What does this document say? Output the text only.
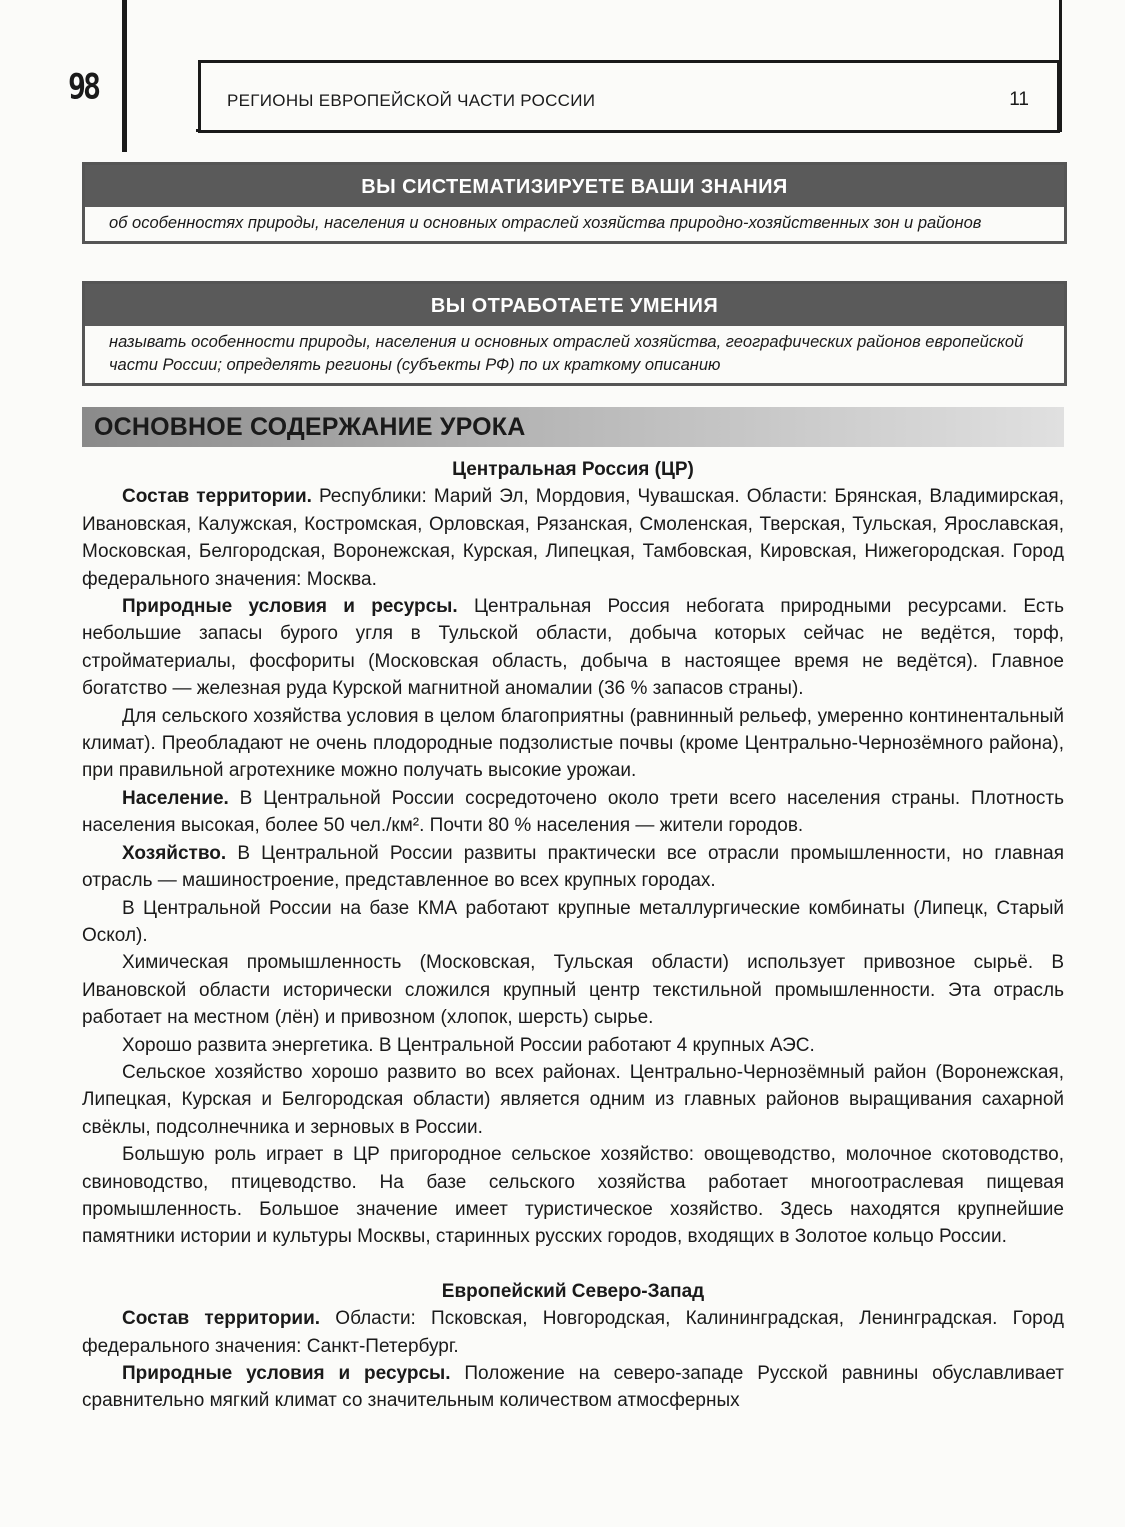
98	РЕГИОНЫ ЕВРОПЕЙСКОЙ ЧАСТИ РОССИИ	11
ВЫ СИСТЕМАТИЗИРУЕТЕ ВАШИ ЗНАНИЯ
об особенностях природы, населения и основных отраслей хозяйства природно-хозяйственных зон и районов
ВЫ ОТРАБОТАЕТЕ УМЕНИЯ
называть особенности природы, населения и основных отраслей хозяйства, географических районов европейской части России; определять регионы (субъекты РФ) по их краткому описанию
ОСНОВНОЕ СОДЕРЖАНИЕ УРОКА
Центральная Россия (ЦР)

Состав территории. Республики: Марий Эл, Мордовия, Чувашская. Области: Брянская, Владимирская, Ивановская, Калужская, Костромская, Орловская, Рязанская, Смоленская, Тверская, Тульская, Ярославская, Московская, Белгородская, Воронежская, Курская, Липецкая, Тамбовская, Кировская, Нижегородская. Город федерального значения: Москва.

Природные условия и ресурсы. Центральная Россия небогата природными ресурсами. Есть небольшие запасы бурого угля в Тульской области, добыча которых сейчас не ведётся, торф, стройматериалы, фосфориты (Московская область, добыча в настоящее время не ведётся). Главное богатство — железная руда Курской магнитной аномалии (36 % запасов страны).

Для сельского хозяйства условия в целом благоприятны (равнинный рельеф, умеренно континентальный климат). Преобладают не очень плодородные подзолистые почвы (кроме Центрально-Чернозёмного района), при правильной агротехнике можно получать высокие урожаи.

Население. В Центральной России сосредоточено около трети всего населения страны. Плотность населения высокая, более 50 чел./км². Почти 80 % населения — жители городов.

Хозяйство. В Центральной России развиты практически все отрасли промышленности, но главная отрасль — машиностроение, представленное во всех крупных городах.

В Центральной России на базе КМА работают крупные металлургические комбинаты (Липецк, Старый Оскол).

Химическая промышленность (Московская, Тульская области) использует привозное сырьё. В Ивановской области исторически сложился крупный центр текстильной промышленности. Эта отрасль работает на местном (лён) и привозном (хлопок, шерсть) сырье.

Хорошо развита энергетика. В Центральной России работают 4 крупных АЭС.

Сельское хозяйство хорошо развито во всех районах. Центрально-Чернозёмный район (Воронежская, Липецкая, Курская и Белгородская области) является одним из главных районов выращивания сахарной свёклы, подсолнечника и зерновых в России.

Большую роль играет в ЦР пригородное сельское хозяйство: овощеводство, молочное скотоводство, свиноводство, птицеводство. На базе сельского хозяйства работает многоотраслевая пищевая промышленность. Большое значение имеет туристическое хозяйство. Здесь находятся крупнейшие памятники истории и культуры Москвы, старинных русских городов, входящих в Золотое кольцо России.

Европейский Северо-Запад

Состав территории. Области: Псковская, Новгородская, Калининградская, Ленинградская. Город федерального значения: Санкт-Петербург.

Природные условия и ресурсы. Положение на северо-западе Русской равнины обуславливает сравнительно мягкий климат со значительным количеством атмосферных
